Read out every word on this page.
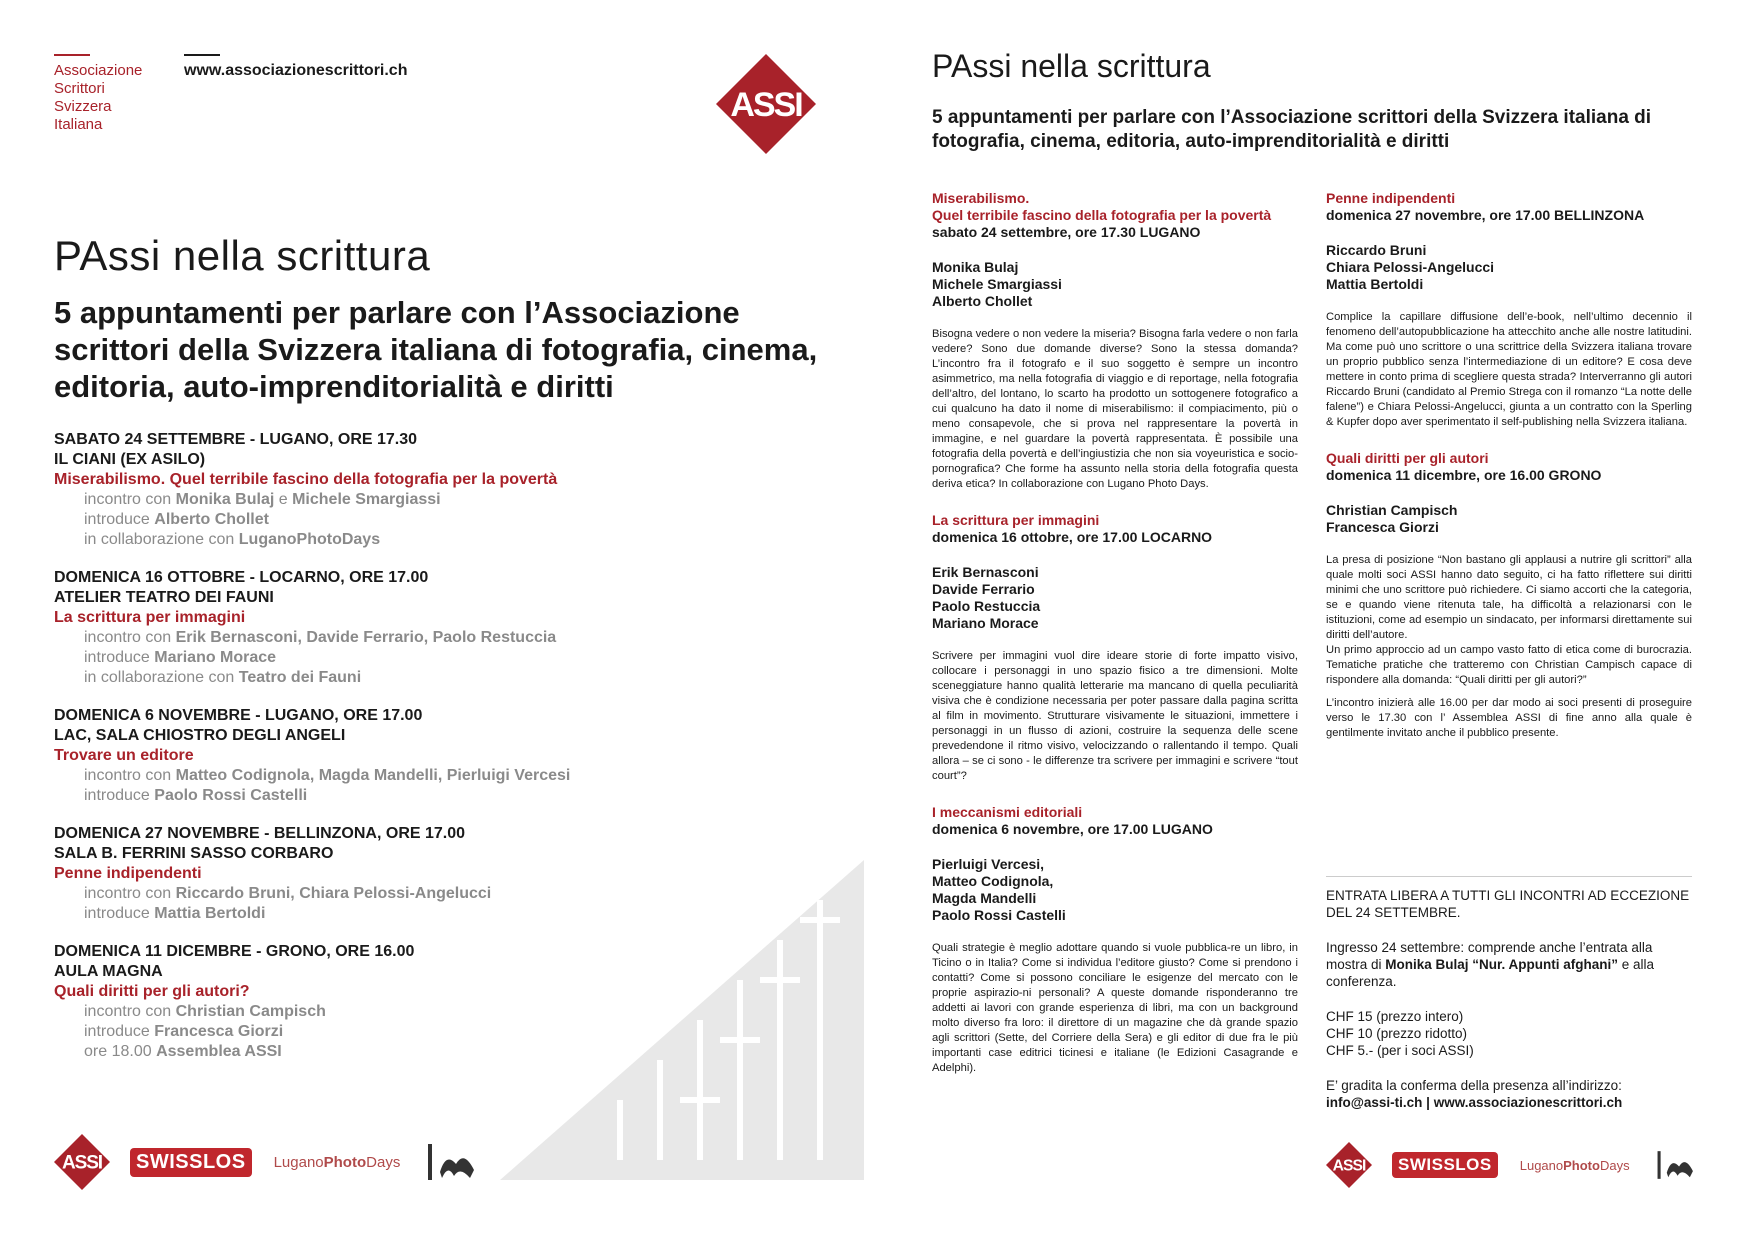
Associazione
Scrittori
Svizzera
Italiana
www.associazionescrittori.ch
ASSI
PAssi nella scrittura
5 appuntamenti per parlare con l’Associazione scrittori della Svizzera italiana di fotografia, cinema, editoria, auto-imprenditorialità e diritti
SABATO 24 SETTEMBRE - LUGANO, ORE 17.30
IL CIANI (EX ASILO)
Miserabilismo. Quel terribile fascino della fotografia per la povertà
incontro con Monika Bulaj e Michele Smargiassi
introduce Alberto Chollet
in collaborazione con LuganoPhotoDays
DOMENICA 16 OTTOBRE - LOCARNO, ORE 17.00
ATELIER TEATRO DEI FAUNI
La scrittura per immagini
incontro con Erik Bernasconi, Davide Ferrario, Paolo Restuccia
introduce Mariano Morace
in collaborazione con Teatro dei Fauni
DOMENICA 6 NOVEMBRE - LUGANO, ORE 17.00
LAC, SALA CHIOSTRO DEGLI ANGELI
Trovare un editore
incontro con Matteo Codignola, Magda Mandelli, Pierluigi Vercesi
introduce Paolo Rossi Castelli
DOMENICA 27 NOVEMBRE - BELLINZONA, ORE 17.00
SALA B. FERRINI SASSO CORBARO
Penne indipendenti
incontro con Riccardo Bruni, Chiara Pelossi-Angelucci
introduce Mattia Bertoldi
DOMENICA 11 DICEMBRE - GRONO, ORE 16.00
AULA MAGNA
Quali diritti per gli autori?
incontro con Christian Campisch
introduce Francesca Giorzi
ore 18.00 Assemblea ASSI
ASSI	SWISSLOS	LuganoPhotoDays
PAssi nella scrittura
5 appuntamenti per parlare con l’Associazione scrittori della Svizzera italiana di fotografia, cinema, editoria, auto-imprenditorialità e diritti
Miserabilismo.
Quel terribile fascino della fotografia per la povertà
sabato 24 settembre, ore 17.30 LUGANO
Monika Bulaj
Michele Smargiassi
Alberto Chollet

Bisogna vedere o non vedere la miseria? Bisogna farla vedere o non farla vedere? Sono due domande diverse? Sono la stessa domanda? L’incontro fra il fotografo e il suo soggetto è sempre un incontro asimmetrico, ma nella fotografia di viaggio e di reportage, nella fotografia dell’altro, del lontano, lo scarto ha prodotto un sottogenere fotografico a cui qualcuno ha dato il nome di miserabilismo: il compiacimento, più o meno consapevole, che si prova nel rappresentare la povertà in immagine, e nel guardare la povertà rappresentata. È possibile una fotografia della povertà e dell’ingiustizia che non sia voyeuristica e socio-pornografica? Che forme ha assunto nella storia della fotografia questa deriva etica? In collaborazione con Lugano Photo Days.

La scrittura per immagini
domenica 16 ottobre, ore 17.00 LOCARNO
Erik Bernasconi
Davide Ferrario
Paolo Restuccia
Mariano Morace

Scrivere per immagini vuol dire ideare storie di forte impatto visivo, collocare i personaggi in uno spazio fisico a tre dimensioni. Molte sceneggiature hanno qualità letterarie ma mancano di quella peculiarità visiva che è condizione necessaria per poter passare dalla pagina scritta al film in movimento. Strutturare visivamente le situazioni, immettere i personaggi in un flusso di azioni, costruire la sequenza delle scene prevedendone il ritmo visivo, velocizzando o rallentando il tempo. Quali allora – se ci sono - le differenze tra scrivere per immagini e scrivere “tout court”?

I meccanismi editoriali
domenica 6 novembre, ore 17.00 LUGANO
Pierluigi Vercesi,
Matteo Codignola,
Magda Mandelli
Paolo Rossi Castelli

Quali strategie è meglio adottare quando si vuole pubblica-re un libro, in Ticino o in Italia? Come si individua l’editore giusto? Come si prendono i contatti? Come si possono conciliare le esigenze del mercato con le proprie aspirazio-ni personali? A queste domande risponderanno tre addetti ai lavori con grande esperienza di libri, ma con un background molto diverso fra loro: il direttore di un magazine che dà grande spazio agli scrittori (Sette, del Corriere della Sera) e gli editor di due fra le più importanti case editrici ticinesi e italiane (le Edizioni Casagrande e Adelphi).

Penne indipendenti
domenica 27 novembre, ore 17.00 BELLINZONA
Riccardo Bruni
Chiara Pelossi-Angelucci
Mattia Bertoldi

Complice la capillare diffusione dell’e-book, nell’ultimo decennio il fenomeno dell’autopubblicazione ha attecchito anche alle nostre latitudini. Ma come può uno scrittore o una scrittrice della Svizzera italiana trovare un proprio pubblico senza l’intermediazione di un editore? E cosa deve mettere in conto prima di scegliere questa strada? Interverranno gli autori Riccardo Bruni (candidato al Premio Strega con il romanzo “La notte delle falene”) e Chiara Pelossi-Angelucci, giunta a un contratto con la Sperling & Kupfer dopo aver sperimentato il self-publishing nella Svizzera italiana.

Quali diritti per gli autori
domenica 11 dicembre, ore 16.00 GRONO
Christian Campisch
Francesca Giorzi

La presa di posizione “Non bastano gli applausi a nutrire gli scrittori” alla quale molti soci ASSI hanno dato seguito, ci ha fatto riflettere sui diritti minimi che uno scrittore può richiedere. Ci siamo accorti che la categoria, se e quando viene ritenuta tale, ha difficoltà a relazionarsi con le istituzioni, come ad esempio un sindacato, per informarsi direttamente sui diritti dell’autore.
Un primo approccio ad un campo vasto fatto di etica come di burocrazia. Tematiche pratiche che tratteremo con Christian Campisch capace di rispondere alla domanda: “Quali diritti per gli autori?”

L’incontro inizierà alle 16.00 per dar modo ai soci presenti di proseguire verso le 17.30 con l’ Assemblea ASSI di fine anno alla quale è gentilmente invitato anche il pubblico presente.

ENTRATA LIBERA A TUTTI GLI INCONTRI AD ECCEZIONE DEL 24 SETTEMBRE.

Ingresso 24 settembre: comprende anche l’entrata alla mostra di Monika Bulaj “Nur. Appunti afghani” e alla conferenza.

CHF 15 (prezzo intero)
CHF 10 (prezzo ridotto)
CHF 5.- (per i soci ASSI)

E’ gradita la conferma della presenza all’indirizzo:
info@assi-ti.ch | www.associazionescrittori.ch
ASSI	SWISSLOS	LuganoPhotoDays
